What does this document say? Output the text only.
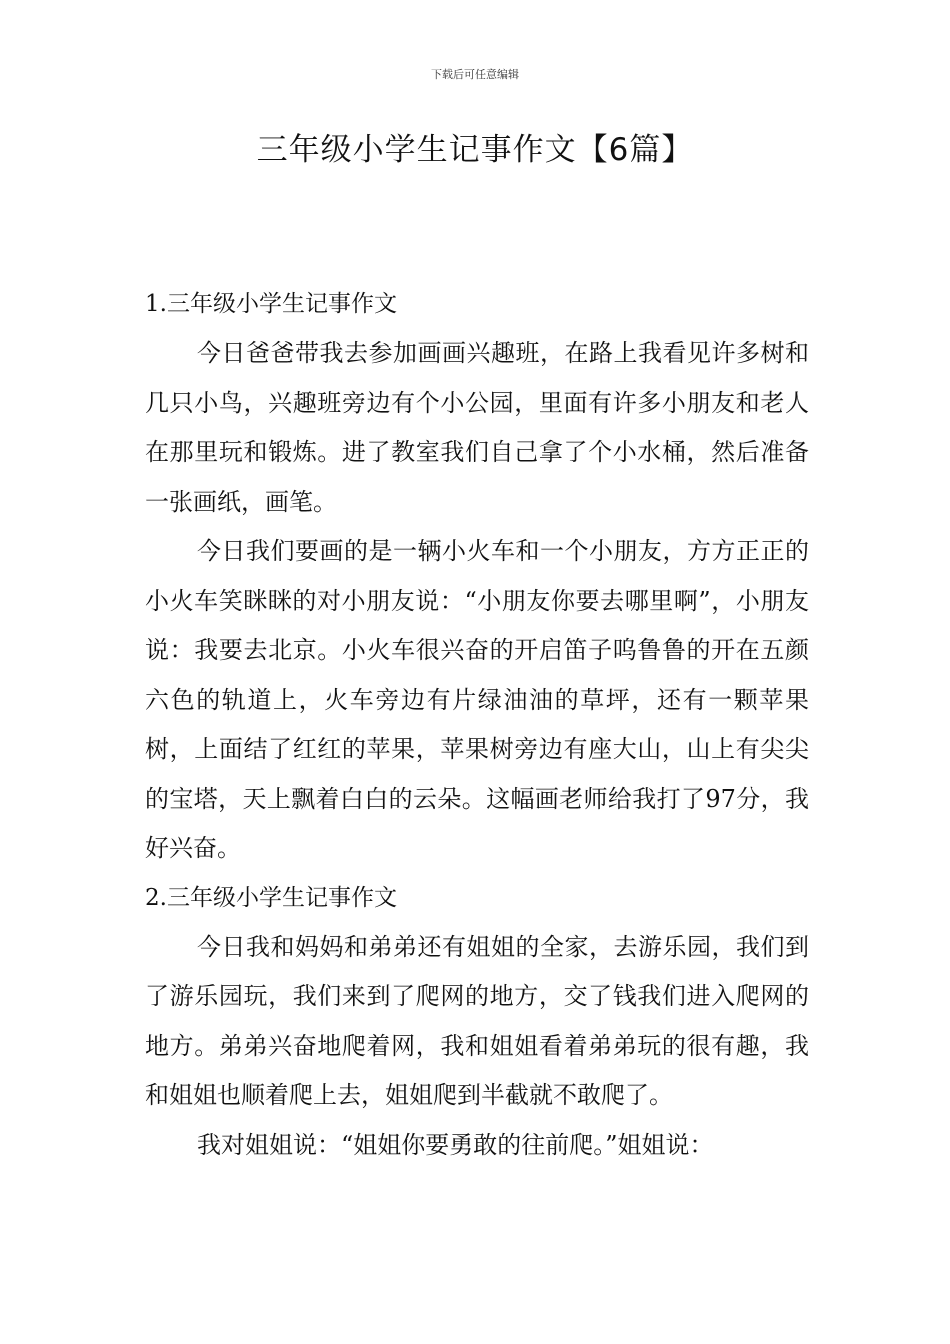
下载后可任意编辑
三年级小学生记事作文【6篇】

1.三年级小学生记事作文

今日爸爸带我去参加画画兴趣班，在路上我看见许多树和几只小鸟，兴趣班旁边有个小公园，里面有许多小朋友和老人在那里玩和锻炼。进了教室我们自己拿了个小水桶，然后准备一张画纸，画笔。

今日我们要画的是一辆小火车和一个小朋友，方方正正的小火车笑眯眯的对小朋友说：“小朋友你要去哪里啊”，小朋友说：我要去北京。小火车很兴奋的开启笛子呜鲁鲁的开在五颜六色的轨道上，火车旁边有片绿油油的草坪，还有一颗苹果树，上面结了红红的苹果，苹果树旁边有座大山，山上有尖尖的宝塔，天上飘着白白的云朵。这幅画老师给我打了97分，我好兴奋。

2.三年级小学生记事作文

今日我和妈妈和弟弟还有姐姐的全家，去游乐园，我们到了游乐园玩，我们来到了爬网的地方，交了钱我们进入爬网的地方。弟弟兴奋地爬着网，我和姐姐看着弟弟玩的很有趣，我和姐姐也顺着爬上去，姐姐爬到半截就不敢爬了。

我对姐姐说：“姐姐你要勇敢的往前爬。”姐姐说：
